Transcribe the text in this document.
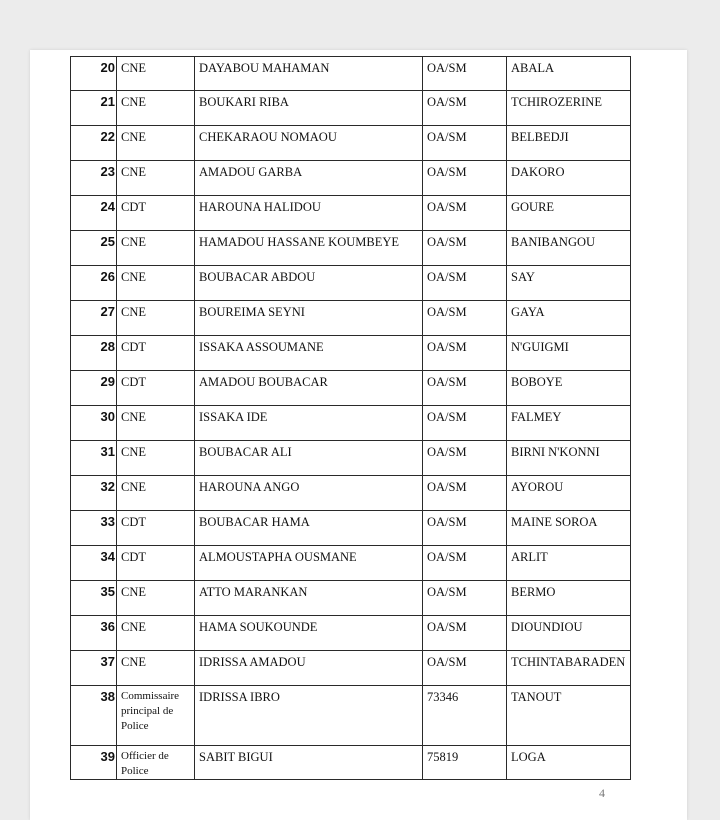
20	CNE	DAYABOU MAHAMAN	OA/SM	ABALA
21	CNE	BOUKARI RIBA	OA/SM	TCHIROZERINE
22	CNE	CHEKARAOU NOMAOU	OA/SM	BELBEDJI
23	CNE	AMADOU GARBA	OA/SM	DAKORO
24	CDT	HAROUNA HALIDOU	OA/SM	GOURE
25	CNE	HAMADOU HASSANE KOUMBEYE	OA/SM	BANIBANGOU
26	CNE	BOUBACAR ABDOU	OA/SM	SAY
27	CNE	BOUREIMA SEYNI	OA/SM	GAYA
28	CDT	ISSAKA ASSOUMANE	OA/SM	N'GUIGMI
29	CDT	AMADOU BOUBACAR	OA/SM	BOBOYE
30	CNE	ISSAKA IDE	OA/SM	FALMEY
31	CNE	BOUBACAR ALI	OA/SM	BIRNI N'KONNI
32	CNE	HAROUNA ANGO	OA/SM	AYOROU
33	CDT	BOUBACAR HAMA	OA/SM	MAINE SOROA
34	CDT	ALMOUSTAPHA OUSMANE	OA/SM	ARLIT
35	CNE	ATTO MARANKAN	OA/SM	BERMO
36	CNE	HAMA SOUKOUNDE	OA/SM	DIOUNDIOU
37	CNE	IDRISSA AMADOU	OA/SM	TCHINTABARADEN
38	Commissaire principal de Police	IDRISSA IBRO	73346	TANOUT
39	Officier de Police	SABIT BIGUI	75819	LOGA
4
